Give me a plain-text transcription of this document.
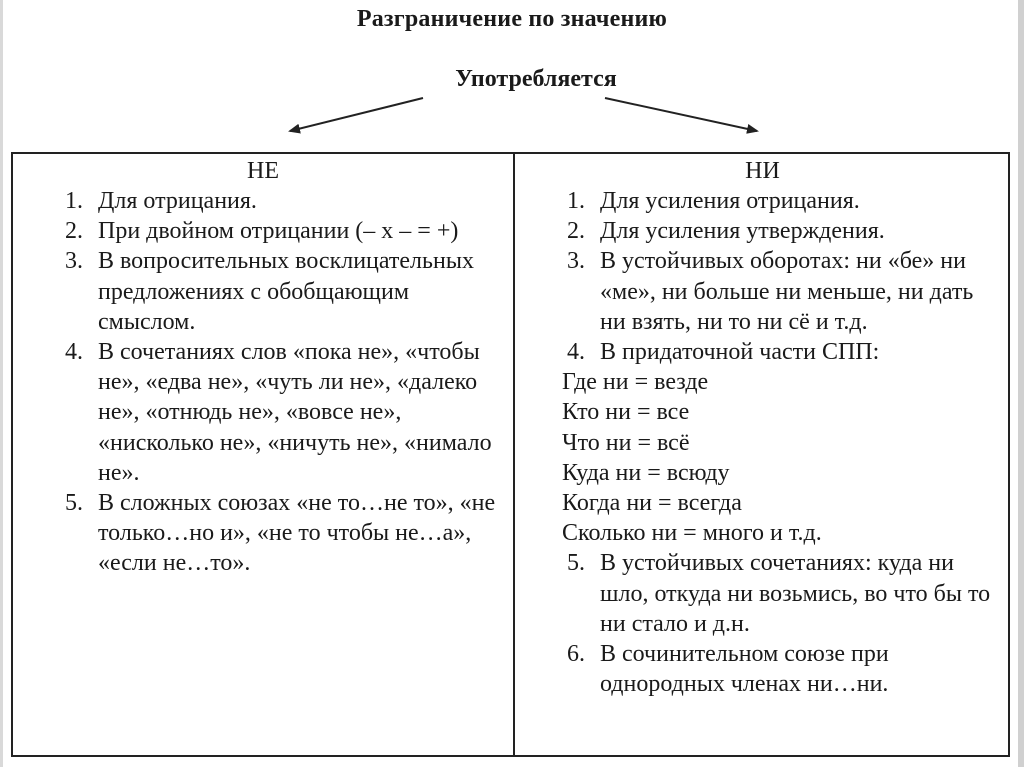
Разграничение по значению
Употребляется
НЕ
1. Для отрицания.
2. При двойном отрицании (– х – = +)
3. В вопросительных восклицательных предложениях с обобщающим смыслом.
4. В сочетаниях слов «пока не», «чтобы не», «едва не», «чуть ли не», «далеко не», «отнюдь не», «вовсе не», «нисколько не», «ничуть не», «нимало не».
5. В сложных союзах «не то…не то», «не только…но и», «не то чтобы не…а», «если не…то».
НИ
1. Для усиления отрицания.
2. Для усиления утверждения.
3. В устойчивых оборотах: ни «бе» ни «ме», ни больше ни меньше, ни дать ни взять, ни то ни сё и т.д.
4. В придаточной части СПП:
Где ни = везде
Кто ни = все
Что ни = всё
Куда ни = всюду
Когда ни = всегда
Сколько ни = много и т.д.
5. В устойчивых сочетаниях: куда ни шло, откуда ни возьмись, во что бы то ни стало и д.н.
6. В сочинительном союзе при однородных членах ни…ни.
